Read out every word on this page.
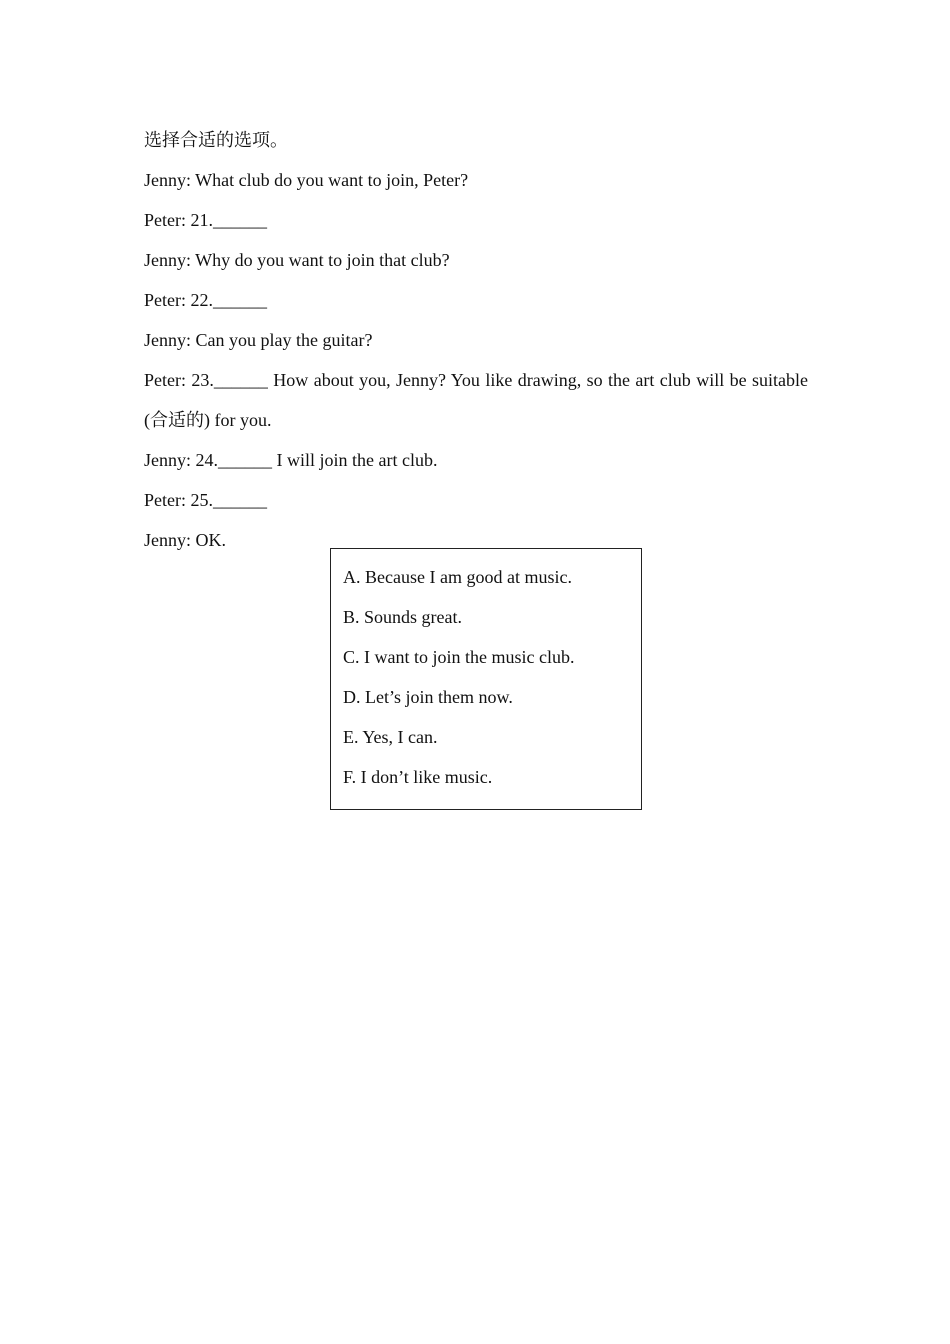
选择合适的选项。
Jenny: What club do you want to join, Peter?
Peter: 21.______
Jenny: Why do you want to join that club?
Peter: 22.______
Jenny: Can you play the guitar?
Peter: 23.______ How about you, Jenny? You like drawing, so the art club will be suitable (合适的) for you.
Jenny: 24.______ I will join the art club.
Peter: 25.______
Jenny: OK.
A. Because I am good at music.
B. Sounds great.
C. I want to join the music club.
D. Let’s join them now.
E. Yes, I can.
F. I don’t like music.
